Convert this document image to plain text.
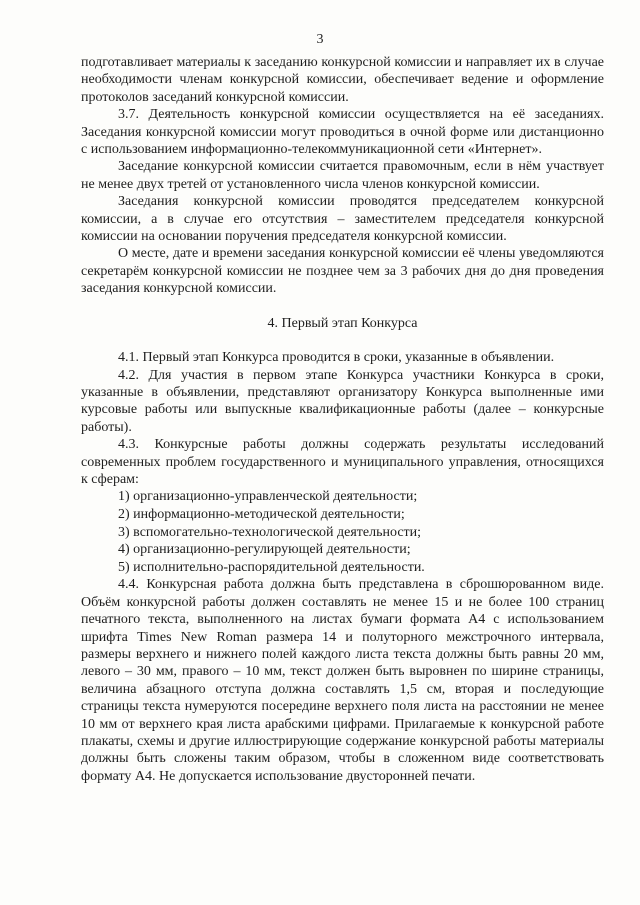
3

подготавливает материалы к заседанию конкурсной комиссии и направляет их в случае необходимости членам конкурсной комиссии, обеспечивает ведение и оформление протоколов заседаний конкурсной комиссии.

3.7. Деятельность конкурсной комиссии осуществляется на её заседаниях. Заседания конкурсной комиссии могут проводиться в очной форме или дистанционно с использованием информационно-телекоммуникационной сети «Интернет».

Заседание конкурсной комиссии считается правомочным, если в нём участвует не менее двух третей от установленного числа членов конкурсной комиссии.

Заседания конкурсной комиссии проводятся председателем конкурсной комиссии, а в случае его отсутствия – заместителем председателя конкурсной комиссии на основании поручения председателя конкурсной комиссии.

О месте, дате и времени заседания конкурсной комиссии её члены уведомляются секретарём конкурсной комиссии не позднее чем за 3 рабочих дня до дня проведения заседания конкурсной комиссии.

4. Первый этап Конкурса

4.1. Первый этап Конкурса проводится в сроки, указанные в объявлении.

4.2. Для участия в первом этапе Конкурса участники Конкурса в сроки, указанные в объявлении, представляют организатору Конкурса выполненные ими курсовые работы или выпускные квалификационные работы (далее – конкурсные работы).

4.3. Конкурсные работы должны содержать результаты исследований современных проблем государственного и муниципального управления, относящихся к сферам:

1) организационно-управленческой деятельности;
2) информационно-методической деятельности;
3) вспомогательно-технологической деятельности;
4) организационно-регулирующей деятельности;
5) исполнительно-распорядительной деятельности.

4.4. Конкурсная работа должна быть представлена в сброшюрованном виде. Объём конкурсной работы должен составлять не менее 15 и не более 100 страниц печатного текста, выполненного на листах бумаги формата А4 с использованием шрифта Times New Roman размера 14 и полуторного межстрочного интервала, размеры верхнего и нижнего полей каждого листа текста должны быть равны 20 мм, левого – 30 мм, правого – 10 мм, текст должен быть выровнен по ширине страницы, величина абзацного отступа должна составлять 1,5 см, вторая и последующие страницы текста нумеруются посередине верхнего поля листа на расстоянии не менее 10 мм от верхнего края листа арабскими цифрами. Прилагаемые к конкурсной работе плакаты, схемы и другие иллюстрирующие содержание конкурсной работы материалы должны быть сложены таким образом, чтобы в сложенном виде соответствовать формату А4. Не допускается использование двусторонней печати.
